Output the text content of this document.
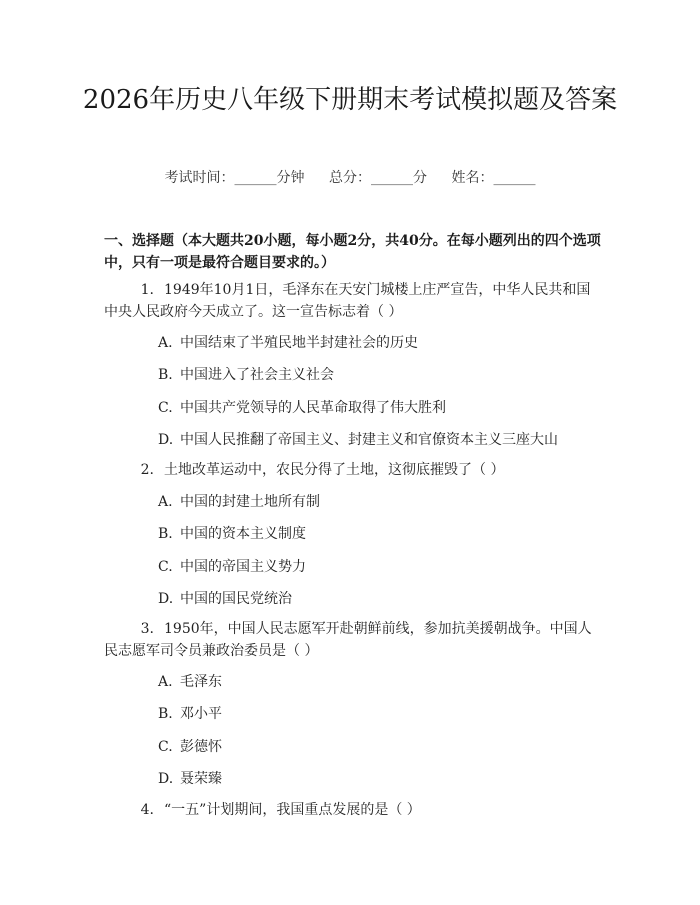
2026年历史八年级下册期末考试模拟题及答案
考试时间：______分钟 总分：______分 姓名：______
一、选择题（本大题共20小题，每小题2分，共40分。在每小题列出的四个选项中，只有一项是最符合题目要求的。）
1. 1949年10月1日，毛泽东在天安门城楼上庄严宣告，中华人民共和国中央人民政府今天成立了。这一宣告标志着（ ）
A. 中国结束了半殖民地半封建社会的历史
B. 中国进入了社会主义社会
C. 中国共产党领导的人民革命取得了伟大胜利
D. 中国人民推翻了帝国主义、封建主义和官僚资本主义三座大山
2. 土地改革运动中，农民分得了土地，这彻底摧毁了（ ）
A. 中国的封建土地所有制
B. 中国的资本主义制度
C. 中国的帝国主义势力
D. 中国的国民党统治
3. 1950年，中国人民志愿军开赴朝鲜前线，参加抗美援朝战争。中国人民志愿军司令员兼政治委员是（ ）
A. 毛泽东
B. 邓小平
C. 彭德怀
D. 聂荣臻
4. “一五”计划期间，我国重点发展的是（ ）
